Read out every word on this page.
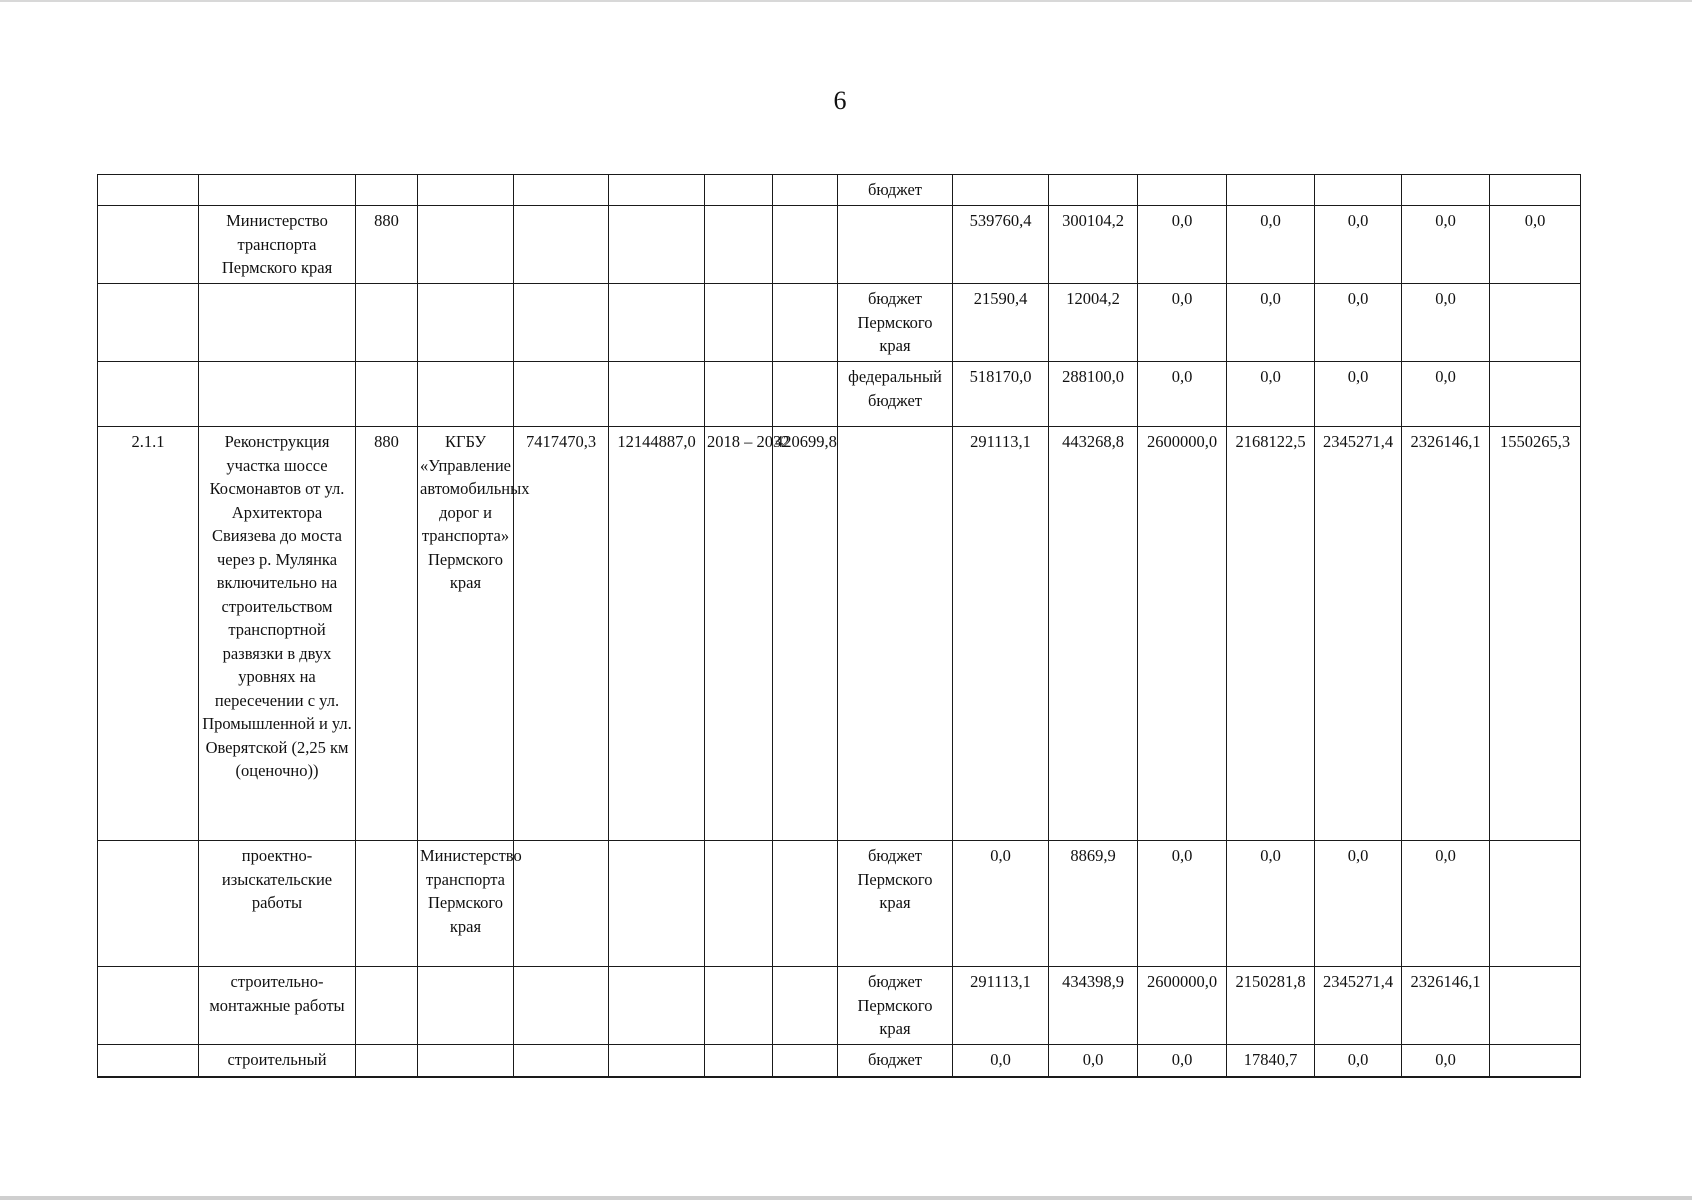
6
								бюджет							
	Министерство транспорта Пермского края	880							539760,4	300104,2	0,0	0,0	0,0	0,0	0,0
								бюджет Пермского края	21590,4	12004,2	0,0	0,0	0,0	0,0	
								федеральный бюджет	518170,0	288100,0	0,0	0,0	0,0	0,0	
2.1.1	Реконструкция участка шоссе Космонавтов от ул. Архитектора Свиязева до моста через р. Мулянка включительно на строительством транспортной развязки в двух уровнях на пересечении с ул. Промышленной и ул. Оверятской (2,25 км (оценочно))	880	КГБУ «Управление автомобильных дорог и транспорта» Пермского края	7417470,3	12144887,0	2018 – 2032	420699,8		291113,1	443268,8	2600000,0	2168122,5	2345271,4	2326146,1	1550265,3
	проектно-изыскательские работы		Министерство транспорта Пермского края					бюджет Пермского края	0,0	8869,9	0,0	0,0	0,0	0,0	
	строительно-монтажные работы							бюджет Пермского края	291113,1	434398,9	2600000,0	2150281,8	2345271,4	2326146,1	
	строительный							бюджет	0,0	0,0	0,0	17840,7	0,0	0,0	
